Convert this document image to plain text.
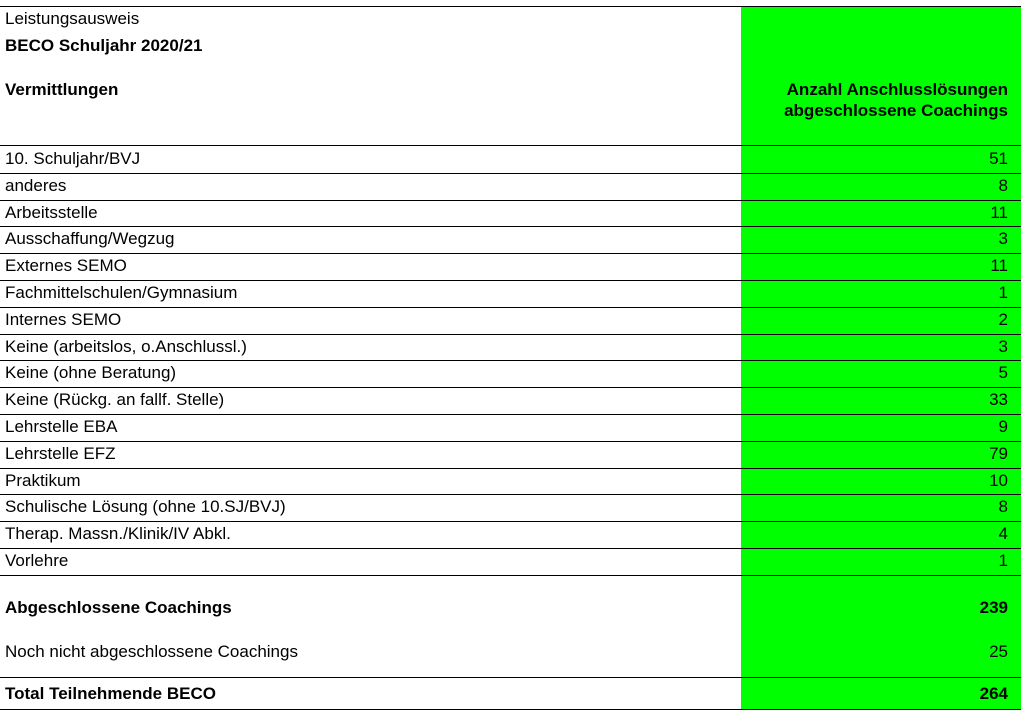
Leistungsausweis
BECO Schuljahr 2020/21
Vermittlungen	Anzahl Anschlusslösungen
abgeschlossene Coachings
10. Schuljahr/BVJ	51
anderes	8
Arbeitsstelle	11
Ausschaffung/Wegzug	3
Externes SEMO	11
Fachmittelschulen/Gymnasium	1
Internes SEMO	2
Keine (arbeitslos, o.Anschlussl.)	3
Keine (ohne Beratung)	5
Keine (Rückg. an fallf. Stelle)	33
Lehrstelle EBA	9
Lehrstelle EFZ	79
Praktikum	10
Schulische Lösung (ohne 10.SJ/BVJ)	8
Therap. Massn./Klinik/IV Abkl.	4
Vorlehre	1
Abgeschlossene Coachings	239
Noch nicht abgeschlossene Coachings	25
Total Teilnehmende BECO	264
